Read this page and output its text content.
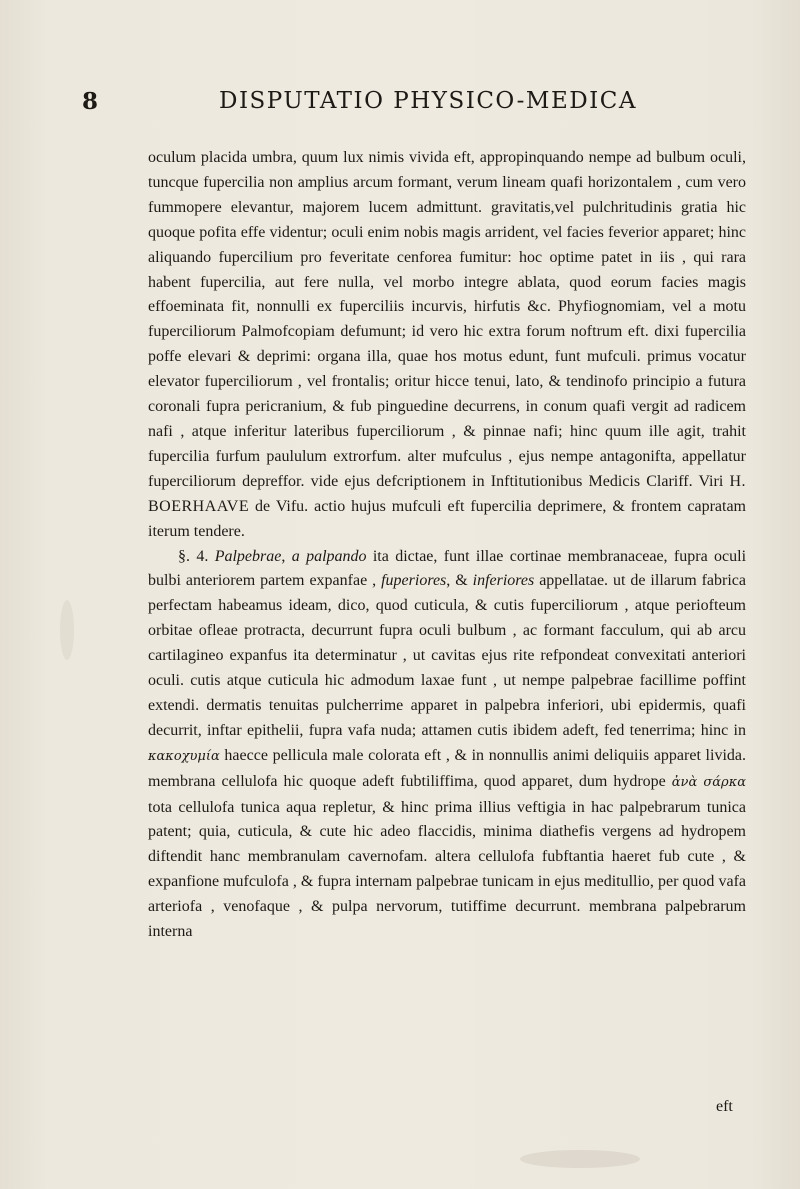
8	DISPUTATIO PHYSICO-MEDICA

oculum placida umbra, quum lux nimis vivida eft, appropinquando nempe ad bulbum oculi, tuncque fupercilia non amplius arcum formant, verum lineam quafi horizontalem , cum vero fummopere elevantur, majorem lucem admittunt. gravitatis,vel pulchritudinis gratia hic quoque pofita effe videntur; oculi enim nobis magis arrident, vel facies feverior apparet; hinc aliquando fupercilium pro feveritate cenforea fumitur: hoc optime patet in iis , qui rara habent fupercilia, aut fere nulla, vel morbo integre ablata, quod eorum facies magis effoeminata fit, nonnulli ex fuperciliis incurvis, hirfutis &c. Phyfiognomiam, vel a motu fuperciliorum Palmofcopiam defumunt; id vero hic extra forum noftrum eft. dixi fupercilia poffe elevari & deprimi: organa illa, quae hos motus edunt, funt mufculi. primus vocatur elevator fuperciliorum , vel frontalis; oritur hicce tenui, lato, & tendinofo principio a futura coronali fupra pericranium, & fub pinguedine decurrens, in conum quafi vergit ad radicem nafi , atque inferitur lateribus fuperciliorum , & pinnae nafi; hinc quum ille agit, trahit fupercilia furfum paululum extrorfum. alter mufculus , ejus nempe antagonifta, appellatur fuperciliorum depreffor. vide ejus defcriptionem in Inftitutionibus Medicis Clariff. Viri H. BOERHAAVE de Vifu. actio hujus mufculi eft fupercilia deprimere, & frontem capratam iterum tendere.

§. 4. Palpebrae, a palpando ita dictae, funt illae cortinae membranaceae, fupra oculi bulbi anteriorem partem expanfae , fuperiores, & inferiores appellatae. ut de illarum fabrica perfectam habeamus ideam, dico, quod cuticula, & cutis fuperciliorum , atque periofteum orbitae ofleae protracta, decurrunt fupra oculi bulbum , ac formant facculum, qui ab arcu cartilagineo expanfus ita determinatur , ut cavitas ejus rite refpondeat convexitati anteriori oculi. cutis atque cuticula hic admodum laxae funt , ut nempe palpebrae facillime poffint extendi. dermatis tenuitas pulcherrime apparet in palpebra inferiori, ubi epidermis, quafi decurrit, inftar epithelii, fupra vafa nuda; attamen cutis ibidem adeft, fed tenerrima; hinc in κακοχυμία haecce pellicula male colorata eft , & in nonnullis animi deliquiis apparet livida. membrana cellulofa hic quoque adeft fubtiliffima, quod apparet, dum hydrope ἀνὰ σάρκα tota cellulofa tunica aqua repletur, & hinc prima illius veftigia in hac palpebrarum tunica patent; quia, cuticula, & cute hic adeo flaccidis, minima diathefis vergens ad hydropem diftendit hanc membranulam cavernofam. altera cellulofa fubftantia haeret fub cute , & expanfione mufculofa , & fupra internam palpebrae tunicam in ejus meditullio, per quod vafa arteriofa , venofaque , & pulpa nervorum, tutiffime decurrunt. membrana palpebrarum interna

eft
